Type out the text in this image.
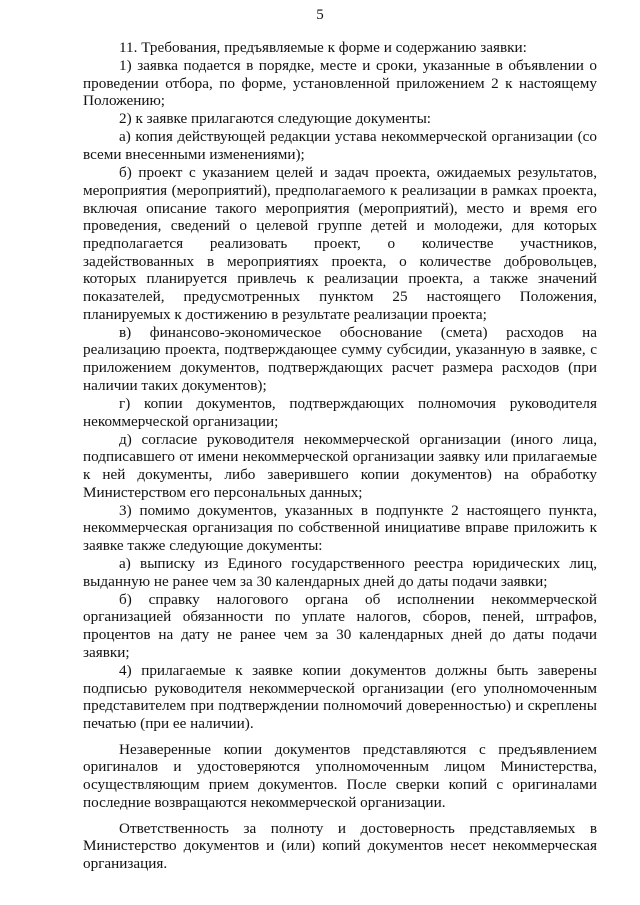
5

11. Требования, предъявляемые к форме и содержанию заявки:

1) заявка подается в порядке, месте и сроки, указанные в объявлении о проведении отбора, по форме, установленной приложением 2 к настоящему Положению;

2) к заявке прилагаются следующие документы:

а) копия действующей редакции устава некоммерческой организации (со всеми внесенными изменениями);

б) проект с указанием целей и задач проекта, ожидаемых результатов, мероприятия (мероприятий), предполагаемого к реализации в рамках проекта, включая описание такого мероприятия (мероприятий), место и время его проведения, сведений о целевой группе детей и молодежи, для которых предполагается реализовать проект, о количестве участников, задействованных в мероприятиях проекта, о количестве добровольцев, которых планируется привлечь к реализации проекта, а также значений показателей, предусмотренных пунктом 25 настоящего Положения, планируемых к достижению в результате реализации проекта;

в) финансово-экономическое обоснование (смета) расходов на реализацию проекта, подтверждающее сумму субсидии, указанную в заявке, с приложением документов, подтверждающих расчет размера расходов (при наличии таких документов);

г) копии документов, подтверждающих полномочия руководителя некоммерческой организации;

д) согласие руководителя некоммерческой организации (иного лица, подписавшего от имени некоммерческой организации заявку или прилагаемые к ней документы, либо заверившего копии документов) на обработку Министерством его персональных данных;

3) помимо документов, указанных в подпункте 2 настоящего пункта, некоммерческая организация по собственной инициативе вправе приложить к заявке также следующие документы:

а) выписку из Единого государственного реестра юридических лиц, выданную не ранее чем за 30 календарных дней до даты подачи заявки;

б) справку налогового органа об исполнении некоммерческой организацией обязанности по уплате налогов, сборов, пеней, штрафов, процентов на дату не ранее чем за 30 календарных дней до даты подачи заявки;

4) прилагаемые к заявке копии документов должны быть заверены подписью руководителя некоммерческой организации (его уполномоченным представителем при подтверждении полномочий доверенностью) и скреплены печатью (при ее наличии).

Незаверенные копии документов представляются с предъявлением оригиналов и удостоверяются уполномоченным лицом Министерства, осуществляющим прием документов. После сверки копий с оригиналами последние возвращаются некоммерческой организации.

Ответственность за полноту и достоверность представляемых в Министерство документов и (или) копий документов несет некоммерческая организация.
